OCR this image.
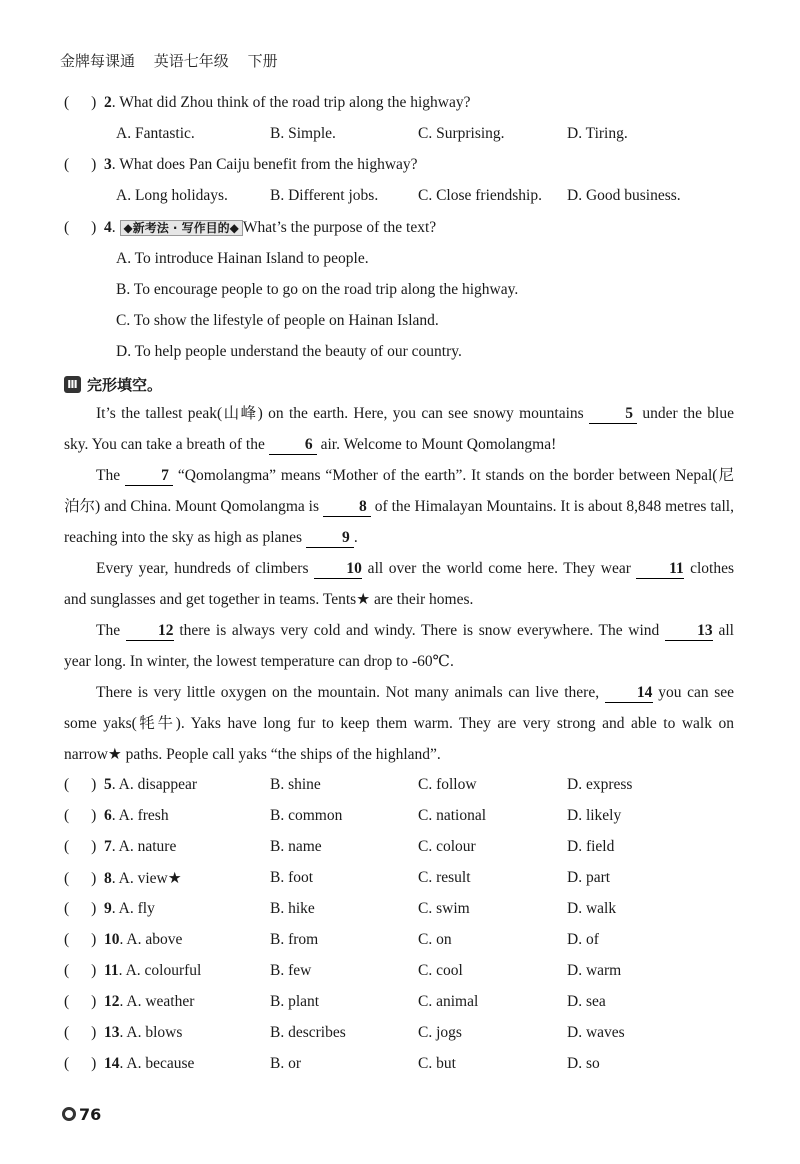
金牌每课通 英语七年级 下册
( ) 2. What did Zhou think of the road trip along the highway?
A. Fantastic.	B. Simple.	C. Surprising.	D. Tiring.
( ) 3. What does Pan Caiju benefit from the highway?
A. Long holidays.	B. Different jobs.	C. Close friendship. D. Good business.
( ) 4. ◆新考法 · 写作目的◆ What’s the purpose of the text?
A. To introduce Hainan Island to people.
B. To encourage people to go on the road trip along the highway.
C. To show the lifestyle of people on Hainan Island.
D. To help people understand the beauty of our country.
Ⅲ 完形填空。
It’s the tallest peak(山峰) on the earth. Here, you can see snowy mountains 5 under the blue sky. You can take a breath of the 6 air. Welcome to Mount Qomolangma!
The 7 “Qomolangma” means “Mother of the earth”. It stands on the border between Nepal(尼泊尔) and China. Mount Qomolangma is 8 of the Himalayan Mountains. It is about 8,848 metres tall, reaching into the sky as high as planes 9 .
Every year, hundreds of climbers 10 all over the world come here. They wear 11 clothes and sunglasses and get together in teams. Tents★ are their homes.
The 12 there is always very cold and windy. There is snow everywhere. The wind 13 all year long. In winter, the lowest temperature can drop to -60℃.
There is very little oxygen on the mountain. Not many animals can live there, 14 you can see some yaks(牦牛). Yaks have long fur to keep them warm. They are very strong and able to walk on narrow★ paths. People call yaks “the ships of the highland”.
( ) 5. A. disappear	B. shine	C. follow	D. express
( ) 6. A. fresh	B. common	C. national	D. likely
( ) 7. A. nature	B. name	C. colour	D. field
( ) 8. A. view★	B. foot	C. result	D. part
( ) 9. A. fly	B. hike	C. swim	D. walk
( ) 10. A. above	B. from	C. on	D. of
( ) 11. A. colourful	B. few	C. cool	D. warm
( ) 12. A. weather	B. plant	C. animal	D. sea
( ) 13. A. blows	B. describes	C. jogs	D. waves
( ) 14. A. because	B. or	C. but	D. so
76
